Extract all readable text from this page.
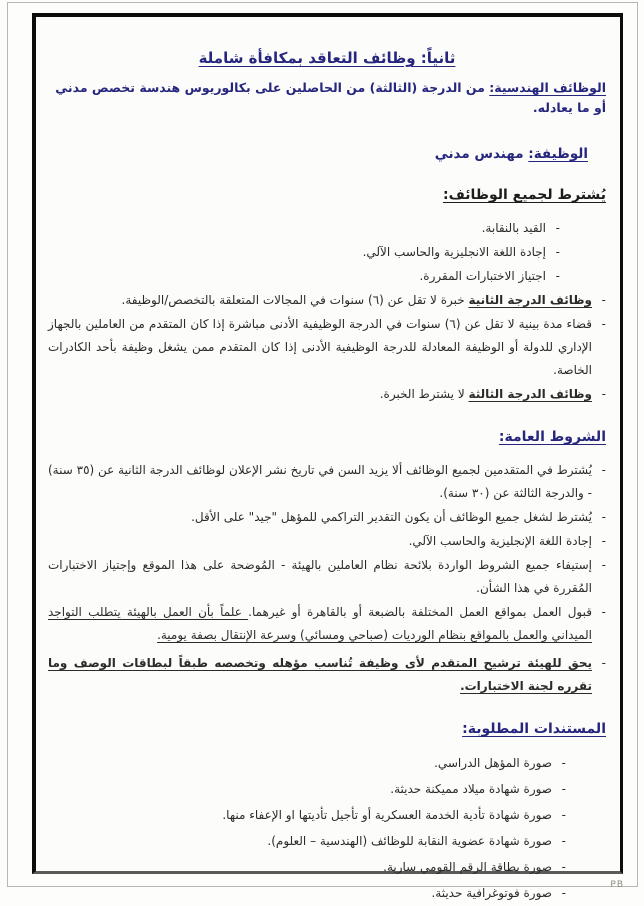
ثانياً: وظائف التعاقد بمكافأة شاملة

الوظائف الهندسية: من الدرجة (الثالثة) من الحاصلين على بكالوريوس هندسة تخصص مدني أو ما يعادله.

الوظيفة: مهندس مدني

يُشترط لجميع الوظائف:
-
القيد بالنقابة.
-
إجادة اللغة الانجليزية والحاسب الآلي.
-
اجتياز الاختبارات المقررة.
-
وظائف الدرجة الثانية خبرة لا تقل عن (٦) سنوات في المجالات المتعلقة بالتخصص/الوظيفة.
-
قضاء مدة بينية لا تقل عن (٦) سنوات في الدرجة الوظيفية الأدنى مباشرة إذا كان المتقدم من العاملين بالجهاز الإداري للدولة أو الوظيفة المعادلة للدرجة الوظيفية الأدنى إذا كان المتقدم ممن يشغل وظيفة بأحد الكادرات الخاصة.
-
وظائف الدرجة الثالثة لا يشترط الخبرة.
الشروط العامة:
-
يُشترط في المتقدمين لجميع الوظائف ألا يزيد السن في تاريخ نشر الإعلان لوظائف الدرجة الثانية عن (٣٥ سنة) - والدرجة الثالثة عن (٣٠ سنة).
-
يُشترط لشغل جميع الوظائف أن يكون التقدير التراكمي للمؤهل "جيد" على الأقل.
-
إجادة اللغة الإنجليزية والحاسب الآلي.
-
إستيفاء جميع الشروط الواردة بلائحة نظام العاملين بالهيئة - المُوضحة على هذا الموقع وإجتياز الاختبارات المُقررة في هذا الشأن.
-
قبول العمل بمواقع العمل المختلفة بالضبعة أو بالقاهرة أو غيرهما. علماً بأن العمل بالهيئة يتطلب التواجد الميداني والعمل بالمواقع بنظام الورديات (صباحي ومسائي) وسرعة الإنتقال بصفة يومية.
-
يحق للهيئة ترشيح المتقدم لأى وظيفة تُناسب مؤهله وتخصصه طبقاً لبطاقات الوصف وما تقرره لجنة الاختبارات.
المستندات المطلوبة:
-
صورة المؤهل الدراسي.
-
صورة شهادة ميلاد مميكنة حديثة.
-
صورة شهادة تأدية الخدمة العسكرية أو تأجيل تأديتها او الإعفاء منها.
-
صورة شهادة عضوية النقابة للوظائف (الهندسية – العلوم).
-
صورة بطاقة الرقم القومي سارية.
-
صورة فوتوغرافية حديثة.
PB
